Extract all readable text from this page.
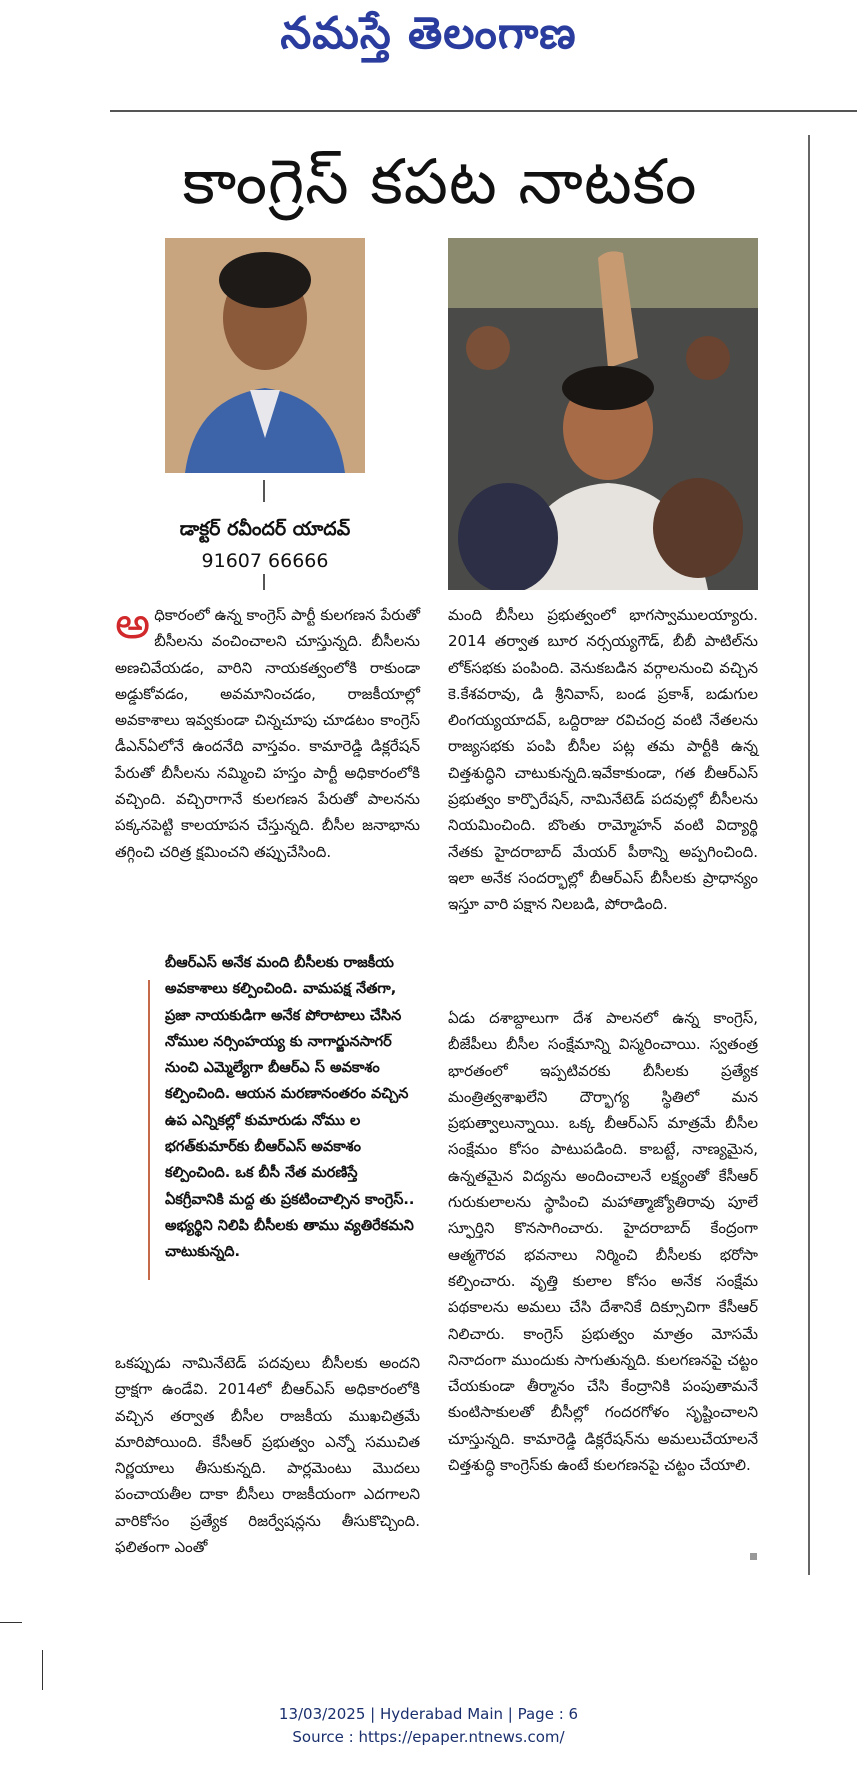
నమస్తే తెలంగాణ
కాంగ్రెస్ కపట నాటకం
డాక్టర్ రవీందర్ యాదవ్
91607 66666
అ ధికారంలో ఉన్న కాంగ్రెస్ పార్టీ కులగణన పేరుతో బీసీలను వంచించాలని చూస్తున్నది. బీసీలను అణచివేయడం, వారిని నాయకత్వంలోకి రాకుండా అడ్డుకోవడం, అవమానించడం, రాజకీయాల్లో అవకాశాలు ఇవ్వకుండా చిన్నచూపు చూడటం కాంగ్రెస్ డీఎన్‌ఏలోనే ఉందనేది వాస్తవం. కామారెడ్డి డిక్లరేషన్ పేరుతో బీసీలను నమ్మించి హస్తం పార్టీ అధికారంలోకి వచ్చింది. వచ్చిరాగానే కులగణన పేరుతో పాలనను పక్కనపెట్టి కాలయాపన చేస్తున్నది. బీసీల జనాభాను తగ్గించి చరిత్ర క్షమించని తప్పుచేసింది.

బీఆర్ఎస్ అనేక మంది బీసీలకు రాజకీయ అవకాశాలు కల్పించింది. వామపక్ష నేతగా, ప్రజా నాయకుడిగా అనేక పోరాటాలు చేసిన నోముల నర్సింహయ్య కు నాగార్జునసాగర్ నుంచి ఎమ్మెల్యేగా బీఆర్ఎ స్ అవకాశం కల్పించింది. ఆయన మరణానంతరం వచ్చిన ఉప ఎన్నికల్లో కుమారుడు నోము ల భగత్‌కుమార్‌కు బీఆర్ఎస్ అవకాశం కల్పించింది. ఒక బీసీ నేత మరణిస్తే ఏకగ్రీవానికి మద్ద తు ప్రకటించాల్సిన కాంగ్రెస్.. అభ్యర్థిని నిలిపి బీసీలకు తాము వ్యతిరేకమని చాటుకున్నది.

ఒకప్పుడు నామినేటెడ్ పదవులు బీసీలకు అందని ద్రాక్షగా ఉండేవి. 2014లో బీఆర్ఎస్ అధికారంలోకి వచ్చిన తర్వాత బీసీల రాజకీయ ముఖచిత్రమే మారిపోయింది. కేసీఆర్ ప్రభుత్వం ఎన్నో సముచిత నిర్ణయాలు తీసుకున్నది. పార్లమెంటు మొదలు పంచాయతీల దాకా బీసీలు రాజకీయంగా ఎదగాలని వారికోసం ప్రత్యేక రిజర్వేషన్లను తీసుకొచ్చింది. ఫలితంగా ఎంతో

మంది బీసీలు ప్రభుత్వంలో భాగస్వాములయ్యారు. 2014 తర్వాత బూర నర్సయ్యగౌడ్, బీబీ పాటిల్‌ను లోక్‌సభకు పంపింది. వెనుకబడిన వర్గాలనుంచి వచ్చిన కె.కేశవరావు, డి శ్రీనివాస్, బండ ప్రకాశ్, బడుగుల లింగయ్యయాదవ్, ఒద్దిరాజు రవిచంద్ర వంటి నేతలను రాజ్యసభకు పంపి బీసీల పట్ల తమ పార్టీకి ఉన్న చిత్తశుద్ధిని చాటుకున్నది.ఇవేకాకుండా, గత బీఆర్ఎస్ ప్రభుత్వం కార్పొరేషన్, నామినేటెడ్ పదవుల్లో బీసీలను నియమించింది. బొంతు రామ్మోహన్ వంటి విద్యార్థి నేతకు హైదరాబాద్ మేయర్ పీఠాన్ని అప్పగించింది. ఇలా అనేక సందర్భాల్లో బీఆర్ఎస్ బీసీలకు ప్రాధాన్యం ఇస్తూ వారి పక్షాన నిలబడి, పోరాడింది.

ఏడు దశాబ్దాలుగా దేశ పాలనలో ఉన్న కాంగ్రెస్, బీజేపీలు బీసీల సంక్షేమాన్ని విస్మరించాయి. స్వతంత్ర భారతంలో ఇప్పటివరకు బీసీలకు ప్రత్యేక మంత్రిత్వశాఖలేని దౌర్భాగ్య స్థితిలో మన ప్రభుత్వాలున్నాయి. ఒక్క బీఆర్ఎస్ మాత్రమే బీసీల సంక్షేమం కోసం పాటుపడింది. కాబట్టే, నాణ్యమైన, ఉన్నతమైన విద్యను అందించాలనే లక్ష్యంతో కేసీఆర్ గురుకులాలను స్థాపించి మహాత్మాజ్యోతిరావు పూలే స్ఫూర్తిని కొనసాగించారు. హైదరాబాద్ కేంద్రంగా ఆత్మగౌరవ భవనాలు నిర్మించి బీసీలకు భరోసా కల్పించారు. వృత్తి కులాల కోసం అనేక సంక్షేమ పథకాలను అమలు చేసి దేశానికే దిక్సూచిగా కేసీఆర్ నిలిచారు. కాంగ్రెస్ ప్రభుత్వం మాత్రం మోసమే నినాదంగా ముందుకు సాగుతున్నది. కులగణనపై చట్టం చేయకుండా తీర్మానం చేసి కేంద్రానికి పంపుతామనే కుంటిసాకులతో బీసీల్లో గందరగోళం సృష్టించాలని చూస్తున్నది. కామారెడ్డి డిక్లరేషన్‌ను అమలుచేయాలనే చిత్తశుద్ధి కాంగ్రెస్‌కు ఉంటే కులగణనపై చట్టం చేయాలి.

13/03/2025 | Hyderabad Main | Page : 6
Source : https://epaper.ntnews.com/
